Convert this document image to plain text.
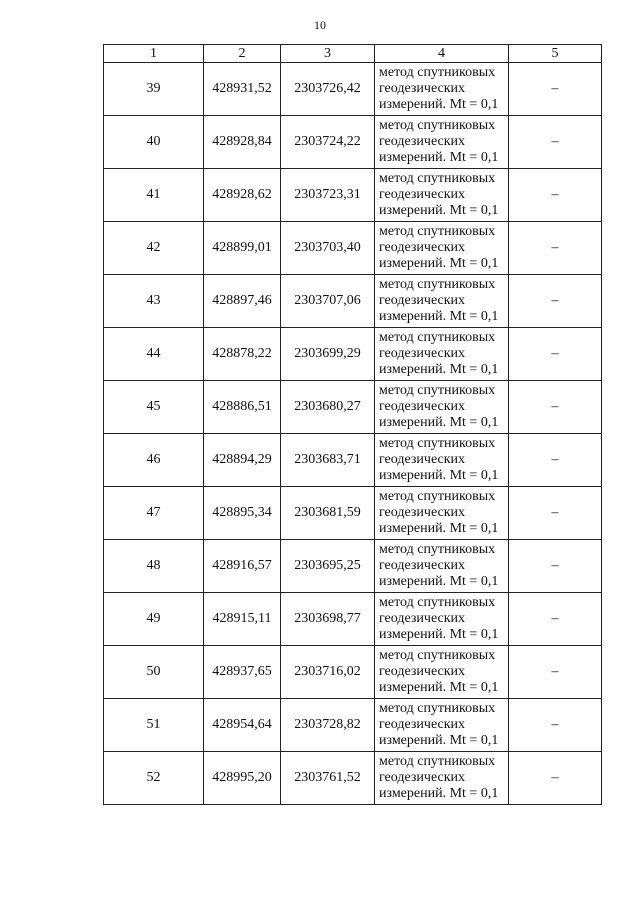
10
1	2	3	4	5
39	428931,52	2303726,42	метод спутниковых
геодезических
измерений. Mt = 0,1	–
40	428928,84	2303724,22	метод спутниковых
геодезических
измерений. Mt = 0,1	–
41	428928,62	2303723,31	метод спутниковых
геодезических
измерений. Mt = 0,1	–
42	428899,01	2303703,40	метод спутниковых
геодезических
измерений. Mt = 0,1	–
43	428897,46	2303707,06	метод спутниковых
геодезических
измерений. Mt = 0,1	–
44	428878,22	2303699,29	метод спутниковых
геодезических
измерений. Mt = 0,1	–
45	428886,51	2303680,27	метод спутниковых
геодезических
измерений. Mt = 0,1	–
46	428894,29	2303683,71	метод спутниковых
геодезических
измерений. Mt = 0,1	–
47	428895,34	2303681,59	метод спутниковых
геодезических
измерений. Mt = 0,1	–
48	428916,57	2303695,25	метод спутниковых
геодезических
измерений. Mt = 0,1	–
49	428915,11	2303698,77	метод спутниковых
геодезических
измерений. Mt = 0,1	–
50	428937,65	2303716,02	метод спутниковых
геодезических
измерений. Mt = 0,1	–
51	428954,64	2303728,82	метод спутниковых
геодезических
измерений. Mt = 0,1	–
52	428995,20	2303761,52	метод спутниковых
геодезических
измерений. Mt = 0,1	–
